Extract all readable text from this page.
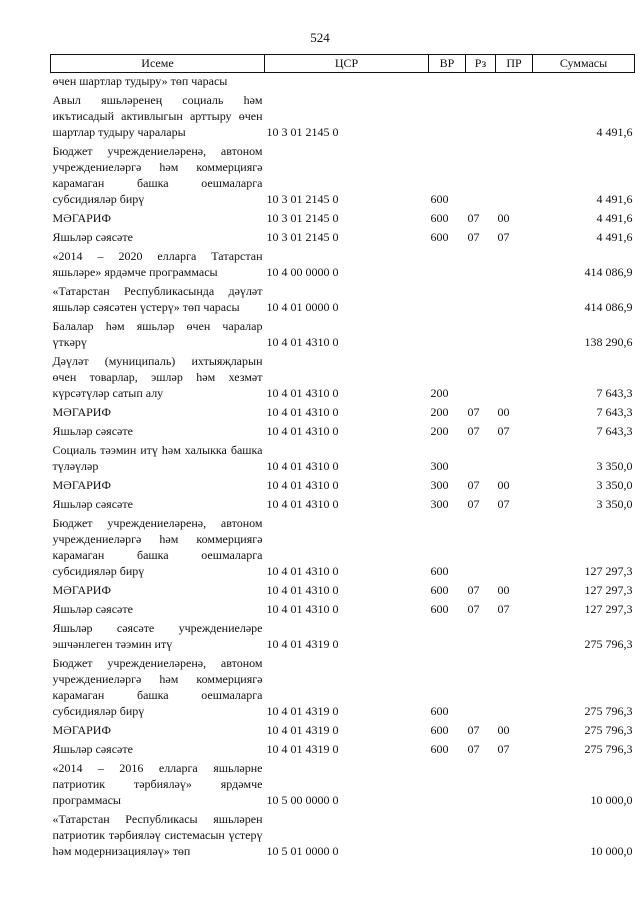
524
Исеме	ЦСР	ВР	Рз	ПР	Суммасы
өчен шартлар тудыру» төп чарасы					
Авыл яшьләренең социаль һәм икътисадый активлыгын арттыру өчен шартлар тудыру чаралары	10 3 01 2145 0				4 491,6
Бюджет учреждениеләренә, автоном учреждениеләргә һәм коммерциягә карамаган башка оешмаларга субсидияләр бирү	10 3 01 2145 0	600			4 491,6
МӘГАРИФ	10 3 01 2145 0	600	07	00	4 491,6
Яшьләр сәясәте	10 3 01 2145 0	600	07	07	4 491,6
«2014 – 2020 елларга Татарстан яшьләре» ярдәмче программасы	10 4 00 0000 0				414 086,9
«Татарстан Республикасында дәүләт яшьләр сәясәтен үстерү» төп чарасы	10 4 01 0000 0				414 086,9
Балалар һәм яшьләр өчен чаралар үткәрү	10 4 01 4310 0				138 290,6
Дәүләт (муниципаль) ихтыяҗларын өчен товарлар, эшләр һәм хезмәт күрсәтүләр сатып алу	10 4 01 4310 0	200			7 643,3
МӘГАРИФ	10 4 01 4310 0	200	07	00	7 643,3
Яшьләр сәясәте	10 4 01 4310 0	200	07	07	7 643,3
Социаль тәэмин итү һәм халыкка башка түләүләр	10 4 01 4310 0	300			3 350,0
МӘГАРИФ	10 4 01 4310 0	300	07	00	3 350,0
Яшьләр сәясәте	10 4 01 4310 0	300	07	07	3 350,0
Бюджет учреждениеләренә, автоном учреждениеләргә һәм коммерциягә карамаган башка оешмаларга субсидияләр бирү	10 4 01 4310 0	600			127 297,3
МӘГАРИФ	10 4 01 4310 0	600	07	00	127 297,3
Яшьләр сәясәте	10 4 01 4310 0	600	07	07	127 297,3
Яшьләр сәясәте учреждениеләре эшчәнлеген тәэмин итү	10 4 01 4319 0				275 796,3
Бюджет учреждениеләренә, автоном учреждениеләргә һәм коммерциягә карамаган башка оешмаларга субсидияләр бирү	10 4 01 4319 0	600			275 796,3
МӘГАРИФ	10 4 01 4319 0	600	07	00	275 796,3
Яшьләр сәясәте	10 4 01 4319 0	600	07	07	275 796,3
«2014 – 2016 елларга яшьләрне патриотик тәрбияләү» ярдәмче программасы	10 5 00 0000 0				10 000,0
«Татарстан Республикасы яшьләрен патриотик тәрбияләү системасын үстерү һәм модернизацияләү» төп	10 5 01 0000 0				10 000,0
